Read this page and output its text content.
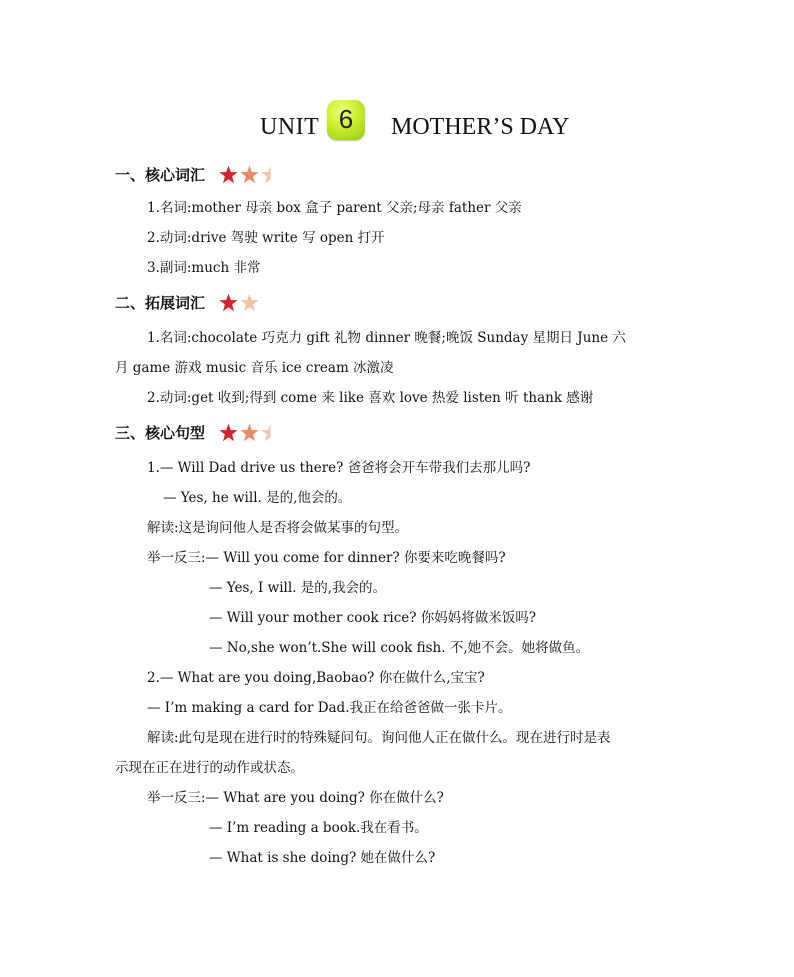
UNIT 6	MOTHER’S DAY
一、核心词汇
1.名词:mother 母亲 box 盒子 parent 父亲;母亲 father 父亲
2.动词:drive 驾驶 write 写 open 打开
3.副词:much 非常
二、拓展词汇
1.名词:chocolate 巧克力 gift 礼物 dinner 晚餐;晚饭 Sunday 星期日 June 六
月 game 游戏 music 音乐 ice cream 冰激凌
2.动词:get 收到;得到 come 来 like 喜欢 love 热爱 listen 听 thank 感谢
三、核心句型
1.— Will Dad drive us there? 爸爸将会开车带我们去那儿吗?
— Yes, he will. 是的,他会的。
解读:这是询问他人是否将会做某事的句型。
举一反三:— Will you come for dinner? 你要来吃晚餐吗?
— Yes, I will. 是的,我会的。
— Will your mother cook rice? 你妈妈将做米饭吗?
— No,she won’t.She will cook fish. 不,她不会。她将做鱼。
2.— What are you doing,Baobao? 你在做什么,宝宝?
— I’m making a card for Dad.我正在给爸爸做一张卡片。
解读:此句是现在进行时的特殊疑问句。询问他人正在做什么。现在进行时是表
示现在正在进行的动作或状态。
举一反三:— What are you doing? 你在做什么?
— I’m reading a book.我在看书。
— What is she doing? 她在做什么?
